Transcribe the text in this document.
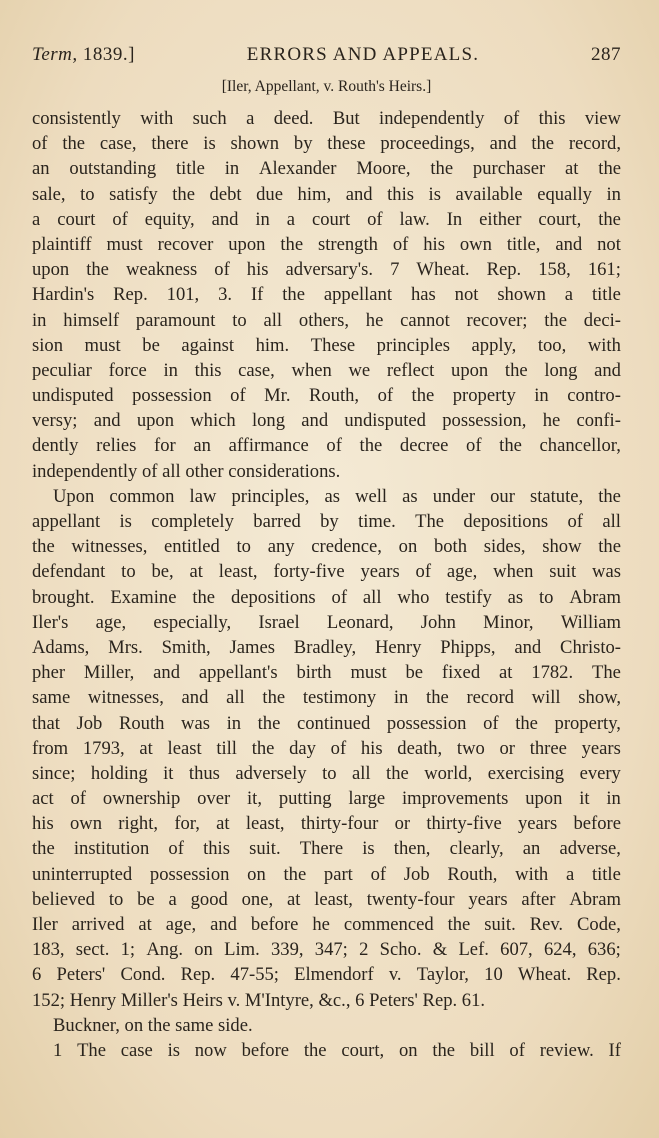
Term, 1839.]	ERRORS AND APPEALS.	287
[Iler, Appellant, v. Routh's Heirs.]
consistently with such a deed. But independently of this view
of the case, there is shown by these proceedings, and the record,
an outstanding title in Alexander Moore, the purchaser at the
sale, to satisfy the debt due him, and this is available equally in
a court of equity, and in a court of law. In either court, the
plaintiff must recover upon the strength of his own title, and not
upon the weakness of his adversary's. 7 Wheat. Rep. 158, 161;
Hardin's Rep. 101, 3. If the appellant has not shown a title
in himself paramount to all others, he cannot recover; the deci-
sion must be against him. These principles apply, too, with
peculiar force in this case, when we reflect upon the long and
undisputed possession of Mr. Routh, of the property in contro-
versy; and upon which long and undisputed possession, he confi-
dently relies for an affirmance of the decree of the chancellor,
independently of all other considerations.
Upon common law principles, as well as under our statute, the
appellant is completely barred by time. The depositions of all
the witnesses, entitled to any credence, on both sides, show the
defendant to be, at least, forty-five years of age, when suit was
brought. Examine the depositions of all who testify as to Abram
Iler's age, especially, Israel Leonard, John Minor, William
Adams, Mrs. Smith, James Bradley, Henry Phipps, and Christo-
pher Miller, and appellant's birth must be fixed at 1782. The
same witnesses, and all the testimony in the record will show,
that Job Routh was in the continued possession of the property,
from 1793, at least till the day of his death, two or three years
since; holding it thus adversely to all the world, exercising every
act of ownership over it, putting large improvements upon it in
his own right, for, at least, thirty-four or thirty-five years before
the institution of this suit. There is then, clearly, an adverse,
uninterrupted possession on the part of Job Routh, with a title
believed to be a good one, at least, twenty-four years after Abram
Iler arrived at age, and before he commenced the suit. Rev. Code,
183, sect. 1; Ang. on Lim. 339, 347; 2 Scho. & Lef. 607, 624, 636;
6 Peters' Cond. Rep. 47-55; Elmendorf v. Taylor, 10 Wheat. Rep.
152; Henry Miller's Heirs v. M'Intyre, &c., 6 Peters' Rep. 61.
Buckner, on the same side.
1 The case is now before the court, on the bill of review. If
